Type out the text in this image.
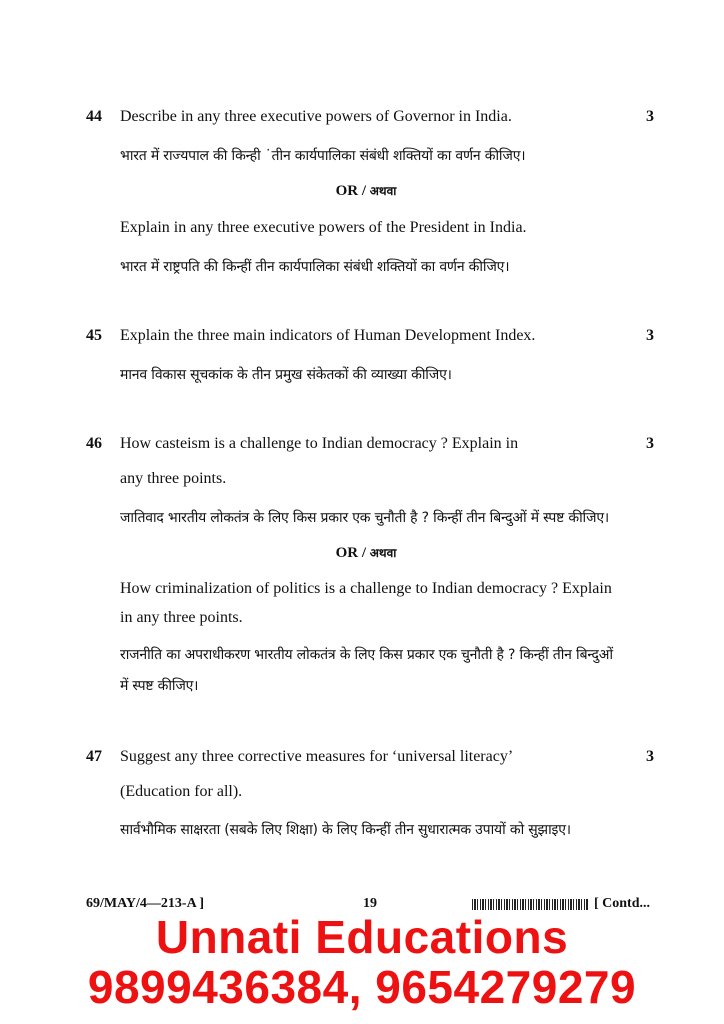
44 Describe in any three executive powers of Governor in India.	3
भारत में राज्यपाल की किन्ही ˙तीन कार्यपालिका संबंधी शक्तियों का वर्णन कीजिए।
OR / अथवा
Explain in any three executive powers of the President in India.
भारत में राष्ट्रपति की किन्हीं तीन कार्यपालिका संबंधी शक्तियों का वर्णन कीजिए।
45 Explain the three main indicators of Human Development Index.	3
मानव विकास सूचकांक के तीन प्रमुख संकेतकों की व्याख्या कीजिए।
46 How casteism is a challenge to Indian democracy ? Explain in	3
any three points.
जातिवाद भारतीय लोकतंत्र के लिए किस प्रकार एक चुनौती है ? किन्हीं तीन बिन्दुओं में स्पष्ट कीजिए।
OR / अथवा
How criminalization of politics is a challenge to Indian democracy ? Explain
in any three points.
राजनीति का अपराधीकरण भारतीय लोकतंत्र के लिए किस प्रकार एक चुनौती है ? किन्हीं तीन बिन्दुओं
में स्पष्ट कीजिए।
47 Suggest any three corrective measures for ‘universal literacy’	3
(Education for all).
सार्वभौमिक साक्षरता (सबके लिए शिक्षा) के लिए किन्हीं तीन सुधारात्मक उपायों को सुझाइए।
69/MAY/4—213-A ]	19	[ Contd...
Unnati Educations
9899436384, 9654279279
